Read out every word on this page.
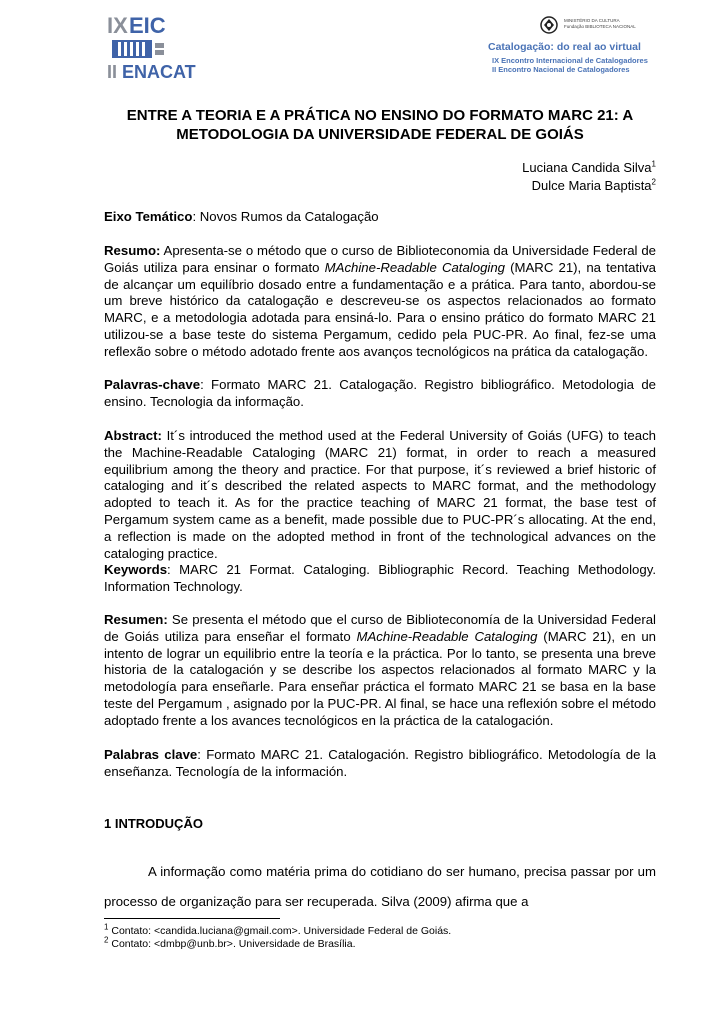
IX EIC
II ENACAT
MINISTÉRIO DA CULTURA
Fundação BIBLIOTECA NACIONAL
Catalogação: do real ao virtual
IX Encontro Internacional de Catalogadores
II Encontro Nacional de Catalogadores
ENTRE A TEORIA E A PRÁTICA NO ENSINO DO FORMATO MARC 21: A METODOLOGIA DA UNIVERSIDADE FEDERAL DE GOIÁS
Luciana Candida Silva$^1$
Dulce Maria Baptista$^2$

Eixo Temático: Novos Rumos da Catalogação

Resumo: Apresenta-se o método que o curso de Biblioteconomia da Universidade Federal de Goiás utiliza para ensinar o formato MAchine-Readable Cataloging (MARC 21), na tentativa de alcançar um equilíbrio dosado entre a fundamentação e a prática. Para tanto, abordou-se um breve histórico da catalogação e descreveu-se os aspectos relacionados ao formato MARC, e a metodologia adotada para ensiná-lo. Para o ensino prático do formato MARC 21 utilizou-se a base teste do sistema Pergamum, cedido pela PUC-PR. Ao final, fez-se uma reflexão sobre o método adotado frente aos avanços tecnológicos na prática da catalogação.

Palavras-chave: Formato MARC 21. Catalogação. Registro bibliográfico. Metodologia de ensino. Tecnologia da informação.

Abstract: It´s introduced the method used at the Federal University of Goiás (UFG) to teach the Machine-Readable Cataloging (MARC 21) format, in order to reach a measured equilibrium among the theory and practice. For that purpose, it´s reviewed a brief historic of cataloging and it´s described the related aspects to MARC format, and the methodology adopted to teach it. As for the practice teaching of MARC 21 format, the base test of Pergamum system came as a benefit, made possible due to PUC-PR´s allocating. At the end, a reflection is made on the adopted method in front of the technological advances on the cataloging practice.

Keywords: MARC 21 Format. Cataloging. Bibliographic Record. Teaching Methodology. Information Technology.

Resumen: Se presenta el método que el curso de Biblioteconomía de la Universidad Federal de Goiás utiliza para enseñar el formato MAchine-Readable Cataloging (MARC 21), en un intento de lograr un equilibrio entre la teoría e la práctica. Por lo tanto, se presenta una breve historia de la catalogación y se describe los aspectos relacionados al formato MARC y la metodología para enseñarle. Para enseñar práctica el formato MARC 21 se basa en la base teste del Pergamum , asignado por la PUC-PR. Al final, se hace una reflexión sobre el método adoptado frente a los avances tecnológicos en la práctica de la catalogación.

Palabras clave: Formato MARC 21. Catalogación. Registro bibliográfico. Metodología de la enseñanza. Tecnología de la información.

1 INTRODUÇÃO

A informação como matéria prima do cotidiano do ser humano, precisa passar por um processo de organização para ser recuperada. Silva (2009) afirma que a

$^1$ Contato: <candida.luciana@gmail.com>. Universidade Federal de Goiás.
$^2$ Contato: <dmbp@unb.br>. Universidade de Brasília.
